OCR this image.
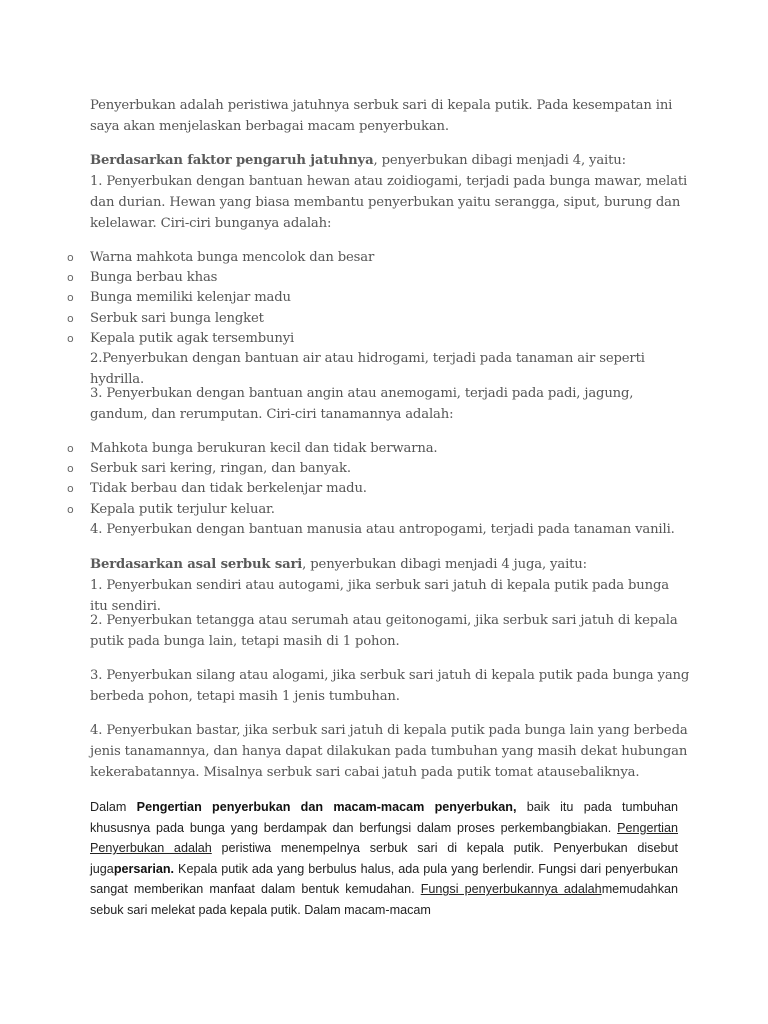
Penyerbukan adalah peristiwa jatuhnya serbuk sari di kepala putik. Pada kesempatan ini saya akan menjelaskan berbagai macam penyerbukan.

Berdasarkan faktor pengaruh jatuhnya, penyerbukan dibagi menjadi 4, yaitu:

1. Penyerbukan dengan bantuan hewan atau zoidiogami, terjadi pada bunga mawar, melati dan durian. Hewan yang biasa membantu penyerbukan yaitu serangga, siput, burung dan kelelawar. Ciri-ciri bunganya adalah:

o Warna mahkota bunga mencolok dan besar
o Bunga berbau khas
o Bunga memiliki kelenjar madu
o Serbuk sari bunga lengket
o Kepala putik agak tersembunyi

2.Penyerbukan dengan bantuan air atau hidrogami, terjadi pada tanaman air seperti hydrilla.

3. Penyerbukan dengan bantuan angin atau anemogami, terjadi pada padi, jagung, gandum, dan rerumputan. Ciri-ciri tanamannya adalah:

o Mahkota bunga berukuran kecil dan tidak berwarna.
o Serbuk sari kering, ringan, dan banyak.
o Tidak berbau dan tidak berkelenjar madu.
o Kepala putik terjulur keluar.

4. Penyerbukan dengan bantuan manusia atau antropogami, terjadi pada tanaman vanili.

Berdasarkan asal serbuk sari, penyerbukan dibagi menjadi 4 juga, yaitu:

1. Penyerbukan sendiri atau autogami, jika serbuk sari jatuh di kepala putik pada bunga itu sendiri.

2. Penyerbukan tetangga atau serumah atau geitonogami, jika serbuk sari jatuh di kepala putik pada bunga lain, tetapi masih di 1 pohon.

3. Penyerbukan silang atau alogami, jika serbuk sari jatuh di kepala putik pada bunga yang berbeda pohon, tetapi masih 1 jenis tumbuhan.

4. Penyerbukan bastar, jika serbuk sari jatuh di kepala putik pada bunga lain yang berbeda jenis tanamannya, dan hanya dapat dilakukan pada tumbuhan yang masih dekat hubungan kekerabatannya. Misalnya serbuk sari cabai jatuh pada putik tomat atausebaliknya.

Dalam Pengertian penyerbukan dan macam-macam penyerbukan, baik itu pada tumbuhan khususnya pada bunga yang berdampak dan berfungsi dalam proses perkembangbiakan. Pengertian Penyerbukan adalah peristiwa menempelnya serbuk sari di kepala putik. Penyerbukan disebut jugapersarian. Kepala putik ada yang berbulus halus, ada pula yang berlendir. Fungsi dari penyerbukan sangat memberikan manfaat dalam bentuk kemudahan. Fungsi penyerbukannya adalahmemudahkan sebuk sari melekat pada kepala putik. Dalam macam-macam
